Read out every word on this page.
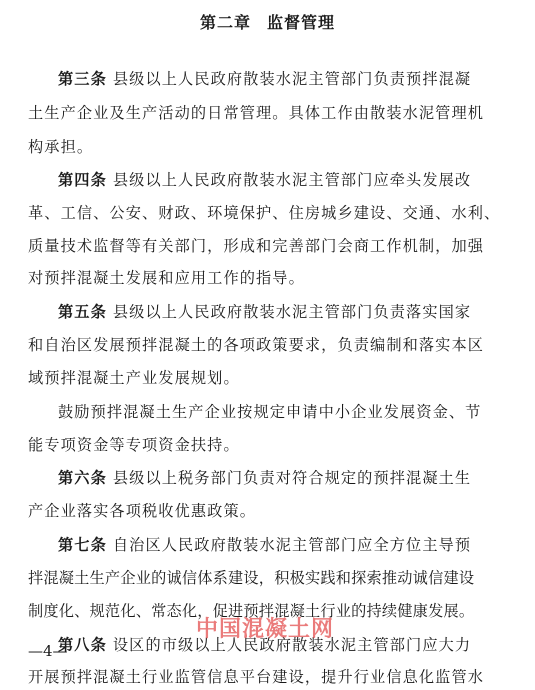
第二章 监督管理
第三条 县级以上人民政府散装水泥主管部门负责预拌混凝
土生产企业及生产活动的日常管理。具体工作由散装水泥管理机
构承担。
第四条 县级以上人民政府散装水泥主管部门应牵头发展改
革、工信、公安、财政、环境保护、住房城乡建设、交通、水利、
质量技术监督等有关部门，形成和完善部门会商工作机制，加强
对预拌混凝土发展和应用工作的指导。
第五条 县级以上人民政府散装水泥主管部门负责落实国家
和自治区发展预拌混凝土的各项政策要求，负责编制和落实本区
域预拌混凝土产业发展规划。
鼓励预拌混凝土生产企业按规定申请中小企业发展资金、节
能专项资金等专项资金扶持。
第六条 县级以上税务部门负责对符合规定的预拌混凝土生
产企业落实各项税收优惠政策。
第七条 自治区人民政府散装水泥主管部门应全方位主导预
拌混凝土生产企业的诚信体系建设，积极实践和探索推动诚信建设
制度化、规范化、常态化，促进预拌混凝土行业的持续健康发展。
第八条 设区的市级以上人民政府散装水泥主管部门应大力
开展预拌混凝土行业监管信息平台建设，提升行业信息化监管水
中国混凝土网
—4—
